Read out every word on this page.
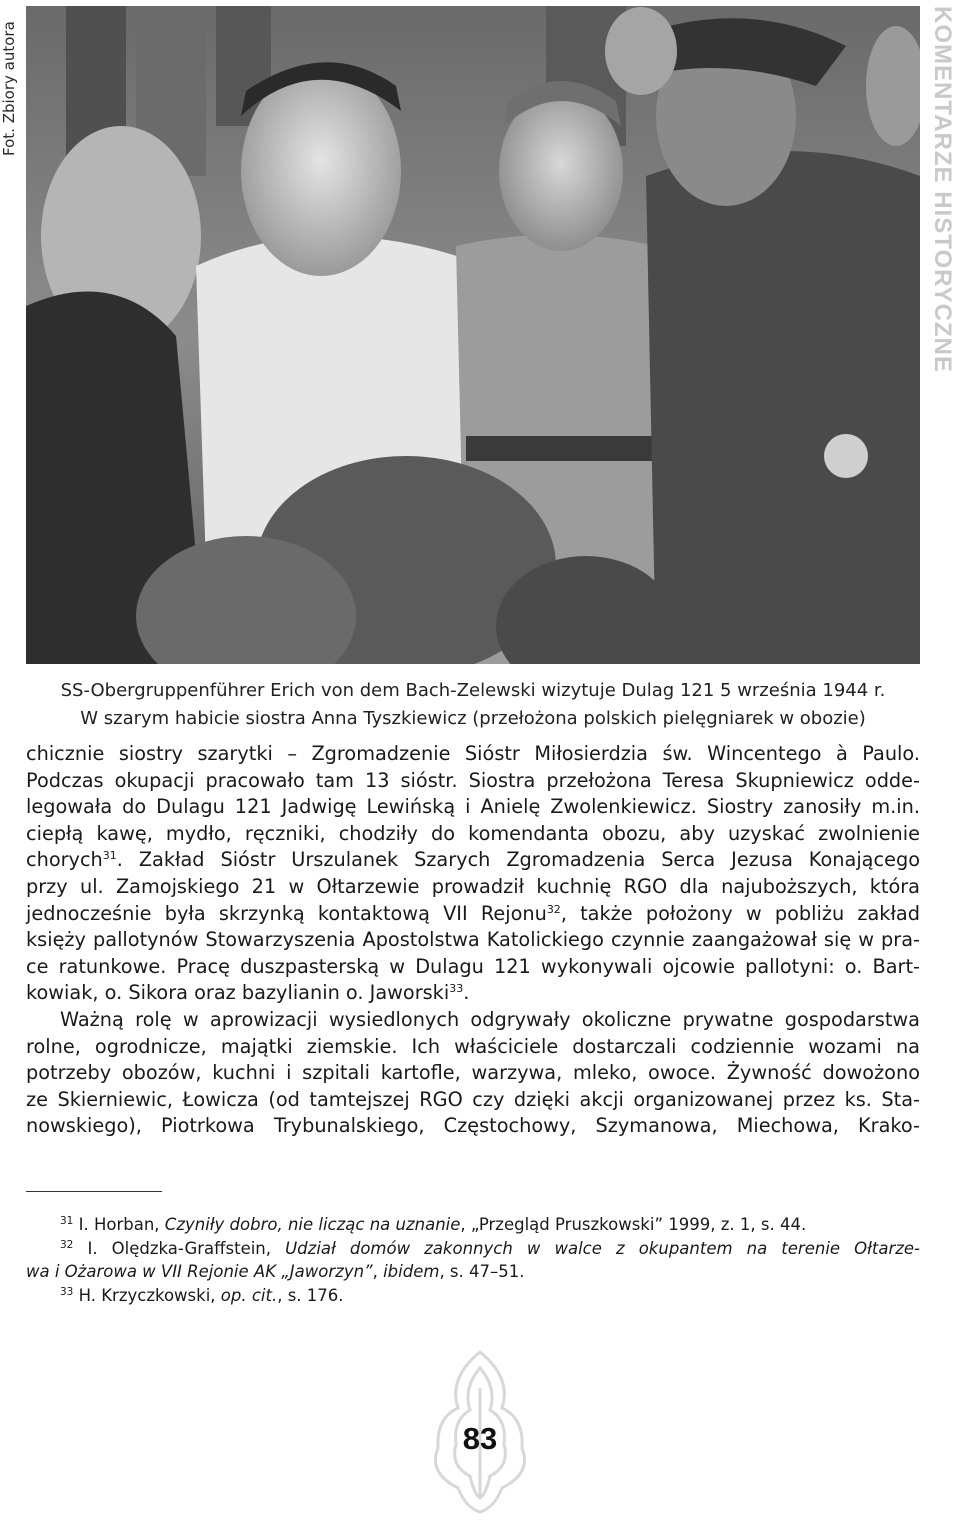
Fot. Zbiory autora	KOMENTARZE HISTORYCZNE
SS-Obergruppenführer Erich von dem Bach-Zelewski wizytuje Dulag 121 5 września 1944 r.
W szarym habicie siostra Anna Tyszkiewicz (przełożona polskich pielęgniarek w obozie)
chicznie siostry szarytki – Zgromadzenie Sióstr Miłosierdzia św. Wincentego à Paulo.
Podczas okupacji pracowało tam 13 sióstr. Siostra przełożona Teresa Skupniewicz odde-
legowała do Dulagu 121 Jadwigę Lewińską i Anielę Zwolenkiewicz. Siostry zanosiły m.in.
ciepłą kawę, mydło, ręczniki, chodziły do komendanta obozu, aby uzyskać zwolnienie
chorych$^{31}$. Zakład Sióstr Urszulanek Szarych Zgromadzenia Serca Jezusa Konającego
przy ul. Zamojskiego 21 w Ołtarzewie prowadził kuchnię RGO dla najuboższych, która
jednocześnie była skrzynką kontaktową VII Rejonu$^{32}$, także położony w pobliżu zakład
księży pallotynów Stowarzyszenia Apostolstwa Katolickiego czynnie zaangażował się w pra-
ce ratunkowe. Pracę duszpasterską w Dulagu 121 wykonywali ojcowie pallotyni: o. Bart-
kowiak, o. Sikora oraz bazylianin o. Jaworski$^{33}$.
Ważną rolę w aprowizacji wysiedlonych odgrywały okoliczne prywatne gospodarstwa
rolne, ogrodnicze, majątki ziemskie. Ich właściciele dostarczali codziennie wozami na
potrzeby obozów, kuchni i szpitali kartofle, warzywa, mleko, owoce. Żywność dowożono
ze Skierniewic, Łowicza (od tamtejszej RGO czy dzięki akcji organizowanej przez ks. Sta-
nowskiego), Piotrkowa Trybunalskiego, Częstochowy, Szymanowa, Miechowa, Krako-
$^{31}$ I. Horban, Czyniły dobro, nie licząc na uznanie, „Przegląd Pruszkowski” 1999, z. 1, s. 44.
$^{32}$ I. Olędzka-Graffstein, Udział domów zakonnych w walce z okupantem na terenie Ołtarze-
wa i Ożarowa w VII Rejonie AK „Jaworzyn”, ibidem, s. 47–51.
$^{33}$ H. Krzyczkowski, op. cit., s. 176.
83
